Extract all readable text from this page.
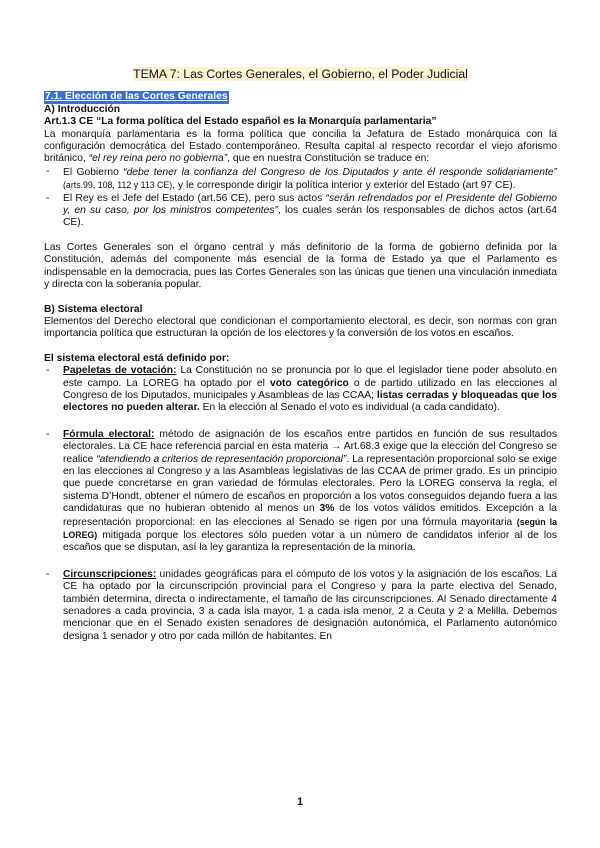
TEMA 7: Las Cortes Generales, el Gobierno, el Poder Judicial
7.1. Elección de las Cortes Generales
A) Introducción
Art.1.3 CE “La forma política del Estado español es la Monarquía parlamentaria”

La monarquía parlamentaria es la forma política que concilia la Jefatura de Estado monárquica con la configuración democrática del Estado contemporáneo. Resulta capital al respecto recordar el viejo aforismo británico, “el rey reina pero no gobierna”, que en nuestra Constitución se traduce en:

- El Gobierno “debe tener la confianza del Congreso de los Diputados y ante él responde solidariamente” (arts.99, 108, 112 y 113 CE), y le corresponde dirigir la política interior y exterior del Estado (art 97 CE).
- El Rey es el Jefe del Estado (art.56 CE), pero sus actos “serán refrendados por el Presidente del Gobiemo y, en su caso, por los ministros competentes”, los cuales serán los responsables de dichos actos (art.64 CE).

Las Cortes Generales son el órgano central y más definitorio de la forma de gobierno definida por la Constitución, además del componente más esencial de la forma de Estado ya que el Parlamento es indispensable en la democracia, pues las Cortes Generales son las únicas que tienen una vinculación inmediata y directa con la soberanía popular.

B) Sistema electoral

Elementos del Derecho electoral que condicionan el comportamiento electoral, es decir, son normas con gran importancia política que estructuran la opción de los electores y la conversión de los votos en escaños.

El sistema electoral está definido por:
- Papeletas de votación: La Constitución no se pronuncia por lo que el legislador tiene poder absoluto en este campo. La LOREG ha optado por el voto categórico o de partido utilizado en las elecciones al Congreso de los Diputados, municipales y Asambleas de las CCAA; listas cerradas y bloqueadas que los electores no pueden alterar. En la elección al Senado el voto es individual (a cada candidato).
- Fórmula electoral: método de asignación de los escaños entre partidos en función de sus resultados electorales. La CE hace referencia parcial en esta materia → Art.68.3 exige que la elección del Congreso se realice “atendiendo a criterios de representación proporcional”. La representación proporcional solo se exige en las elecciones al Congreso y a las Asambleas legislativas de las CCAA de primer grado. Es un principio que puede concretarse en gran variedad de fórmulas electorales. Pero la LOREG conserva la regla, el sistema D’Hondt, obtener el número de escaños en proporción a los votos conseguidos dejando fuera a las candidaturas que no hubieran obtenido al menos un 3% de los votos válidos emitidos. Excepción a la representación proporcional: en las elecciones al Senado se rigen por una fórmula mayoritaria (según la LOREG) mitigada porque los electores sólo pueden votar a un número de candidatos inferior al de los escaños que se disputan, así la ley garantiza la representación de la minoría.
- Circunscripciones: unidades geográficas para el cómputo de los votos y la asignación de los escaños. La CE ha optado por la circunscripción provincial para el Congreso y para la parte electiva del Senado, también determina, directa o indirectamente, el tamaño de las circunscripciones. Al Senado directamente 4 senadores a cada provincia, 3 a cada isla mayor, 1 a cada isla menor, 2 a Ceuta y 2 a Melilla. Debemos mencionar que en el Senado existen senadores de designación autonómica, el Parlamento autonómico designa 1 senador y otro por cada millón de habitantes. En
1
